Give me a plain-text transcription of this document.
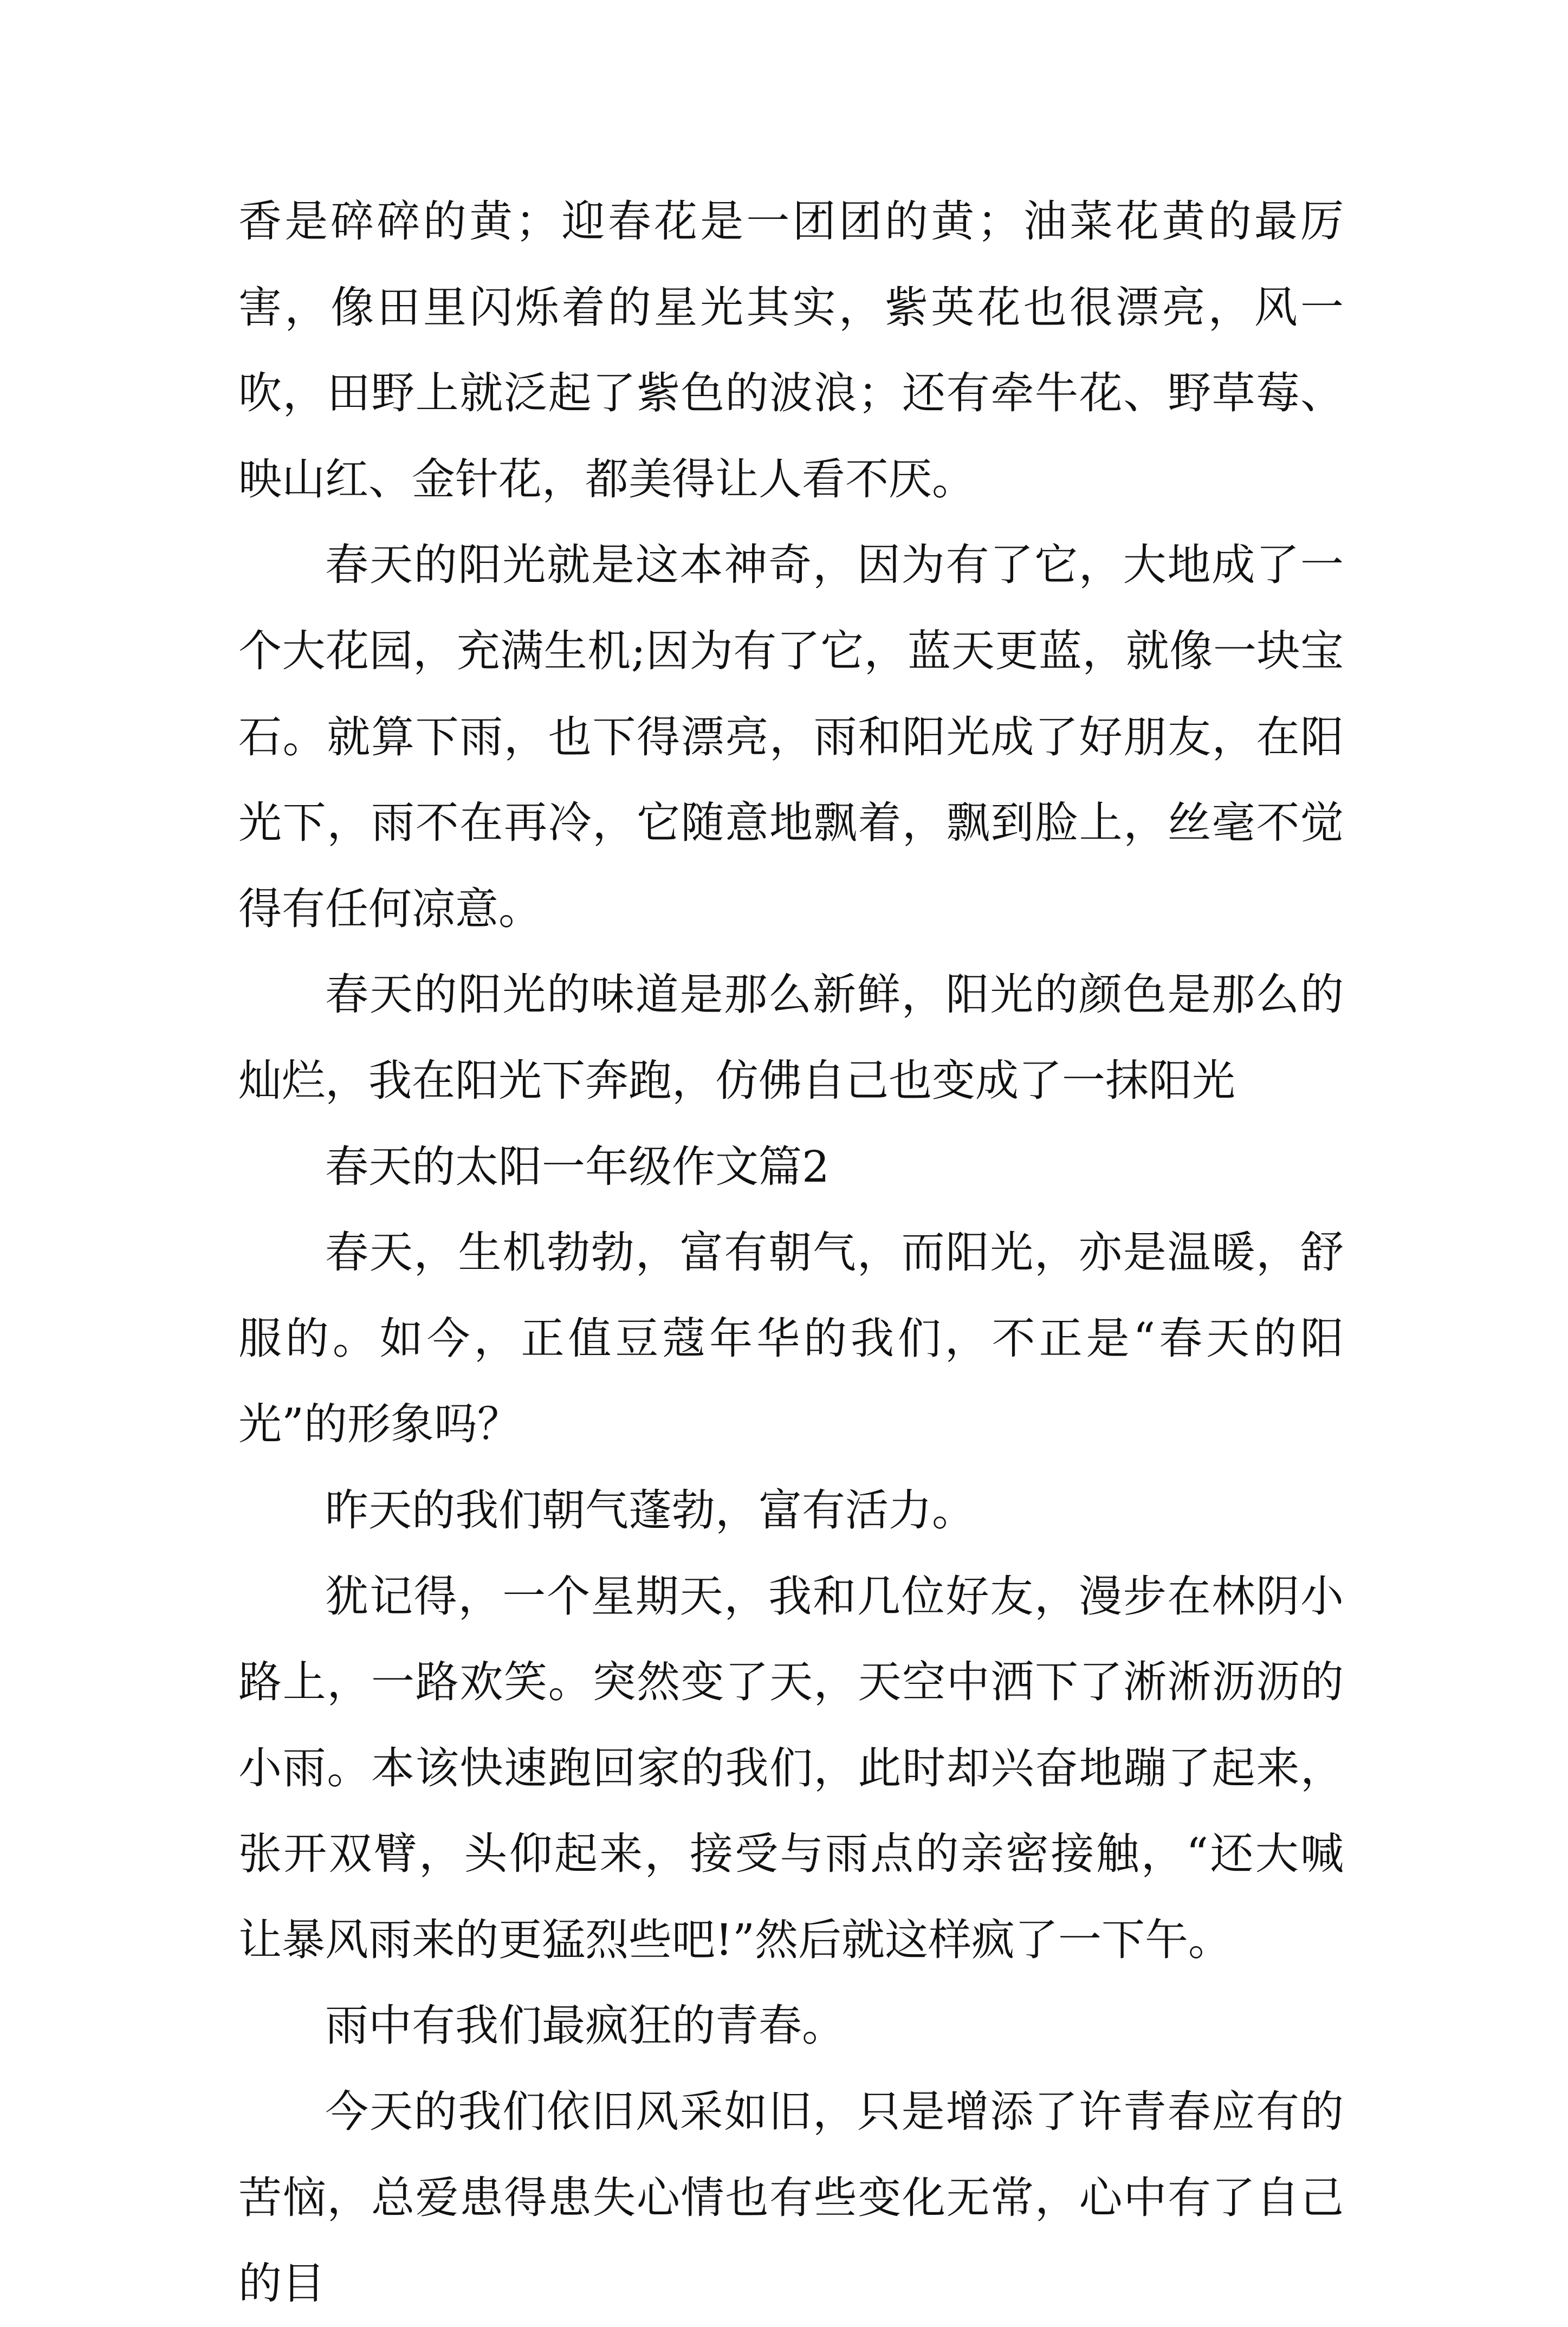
香是碎碎的黄；迎春花是一团团的黄；油菜花黄的最厉害，像田里闪烁着的星光其实，紫英花也很漂亮，风一吹，田野上就泛起了紫色的波浪；还有牵牛花、野草莓、映山红、金针花，都美得让人看不厌。

春天的阳光就是这本神奇，因为有了它，大地成了一个大花园，充满生机;因为有了它，蓝天更蓝，就像一块宝石。就算下雨，也下得漂亮，雨和阳光成了好朋友，在阳光下，雨不在再冷，它随意地飘着，飘到脸上，丝毫不觉得有任何凉意。

春天的阳光的味道是那么新鲜，阳光的颜色是那么的灿烂，我在阳光下奔跑，仿佛自己也变成了一抹阳光

春天的太阳一年级作文篇2

春天，生机勃勃，富有朝气，而阳光，亦是温暖，舒服的。如今，正值豆蔻年华的我们，不正是“春天的阳光”的形象吗？

昨天的我们朝气蓬勃，富有活力。

犹记得，一个星期天，我和几位好友，漫步在林阴小路上，一路欢笑。突然变了天，天空中洒下了淅淅沥沥的小雨。本该快速跑回家的我们，此时却兴奋地蹦了起来，张开双臂，头仰起来，接受与雨点的亲密接触，“还大喊让暴风雨来的更猛烈些吧!”然后就这样疯了一下午。

雨中有我们最疯狂的青春。

今天的我们依旧风采如旧，只是增添了许青春应有的苦恼，总爱患得患失心情也有些变化无常，心中有了自己的目
